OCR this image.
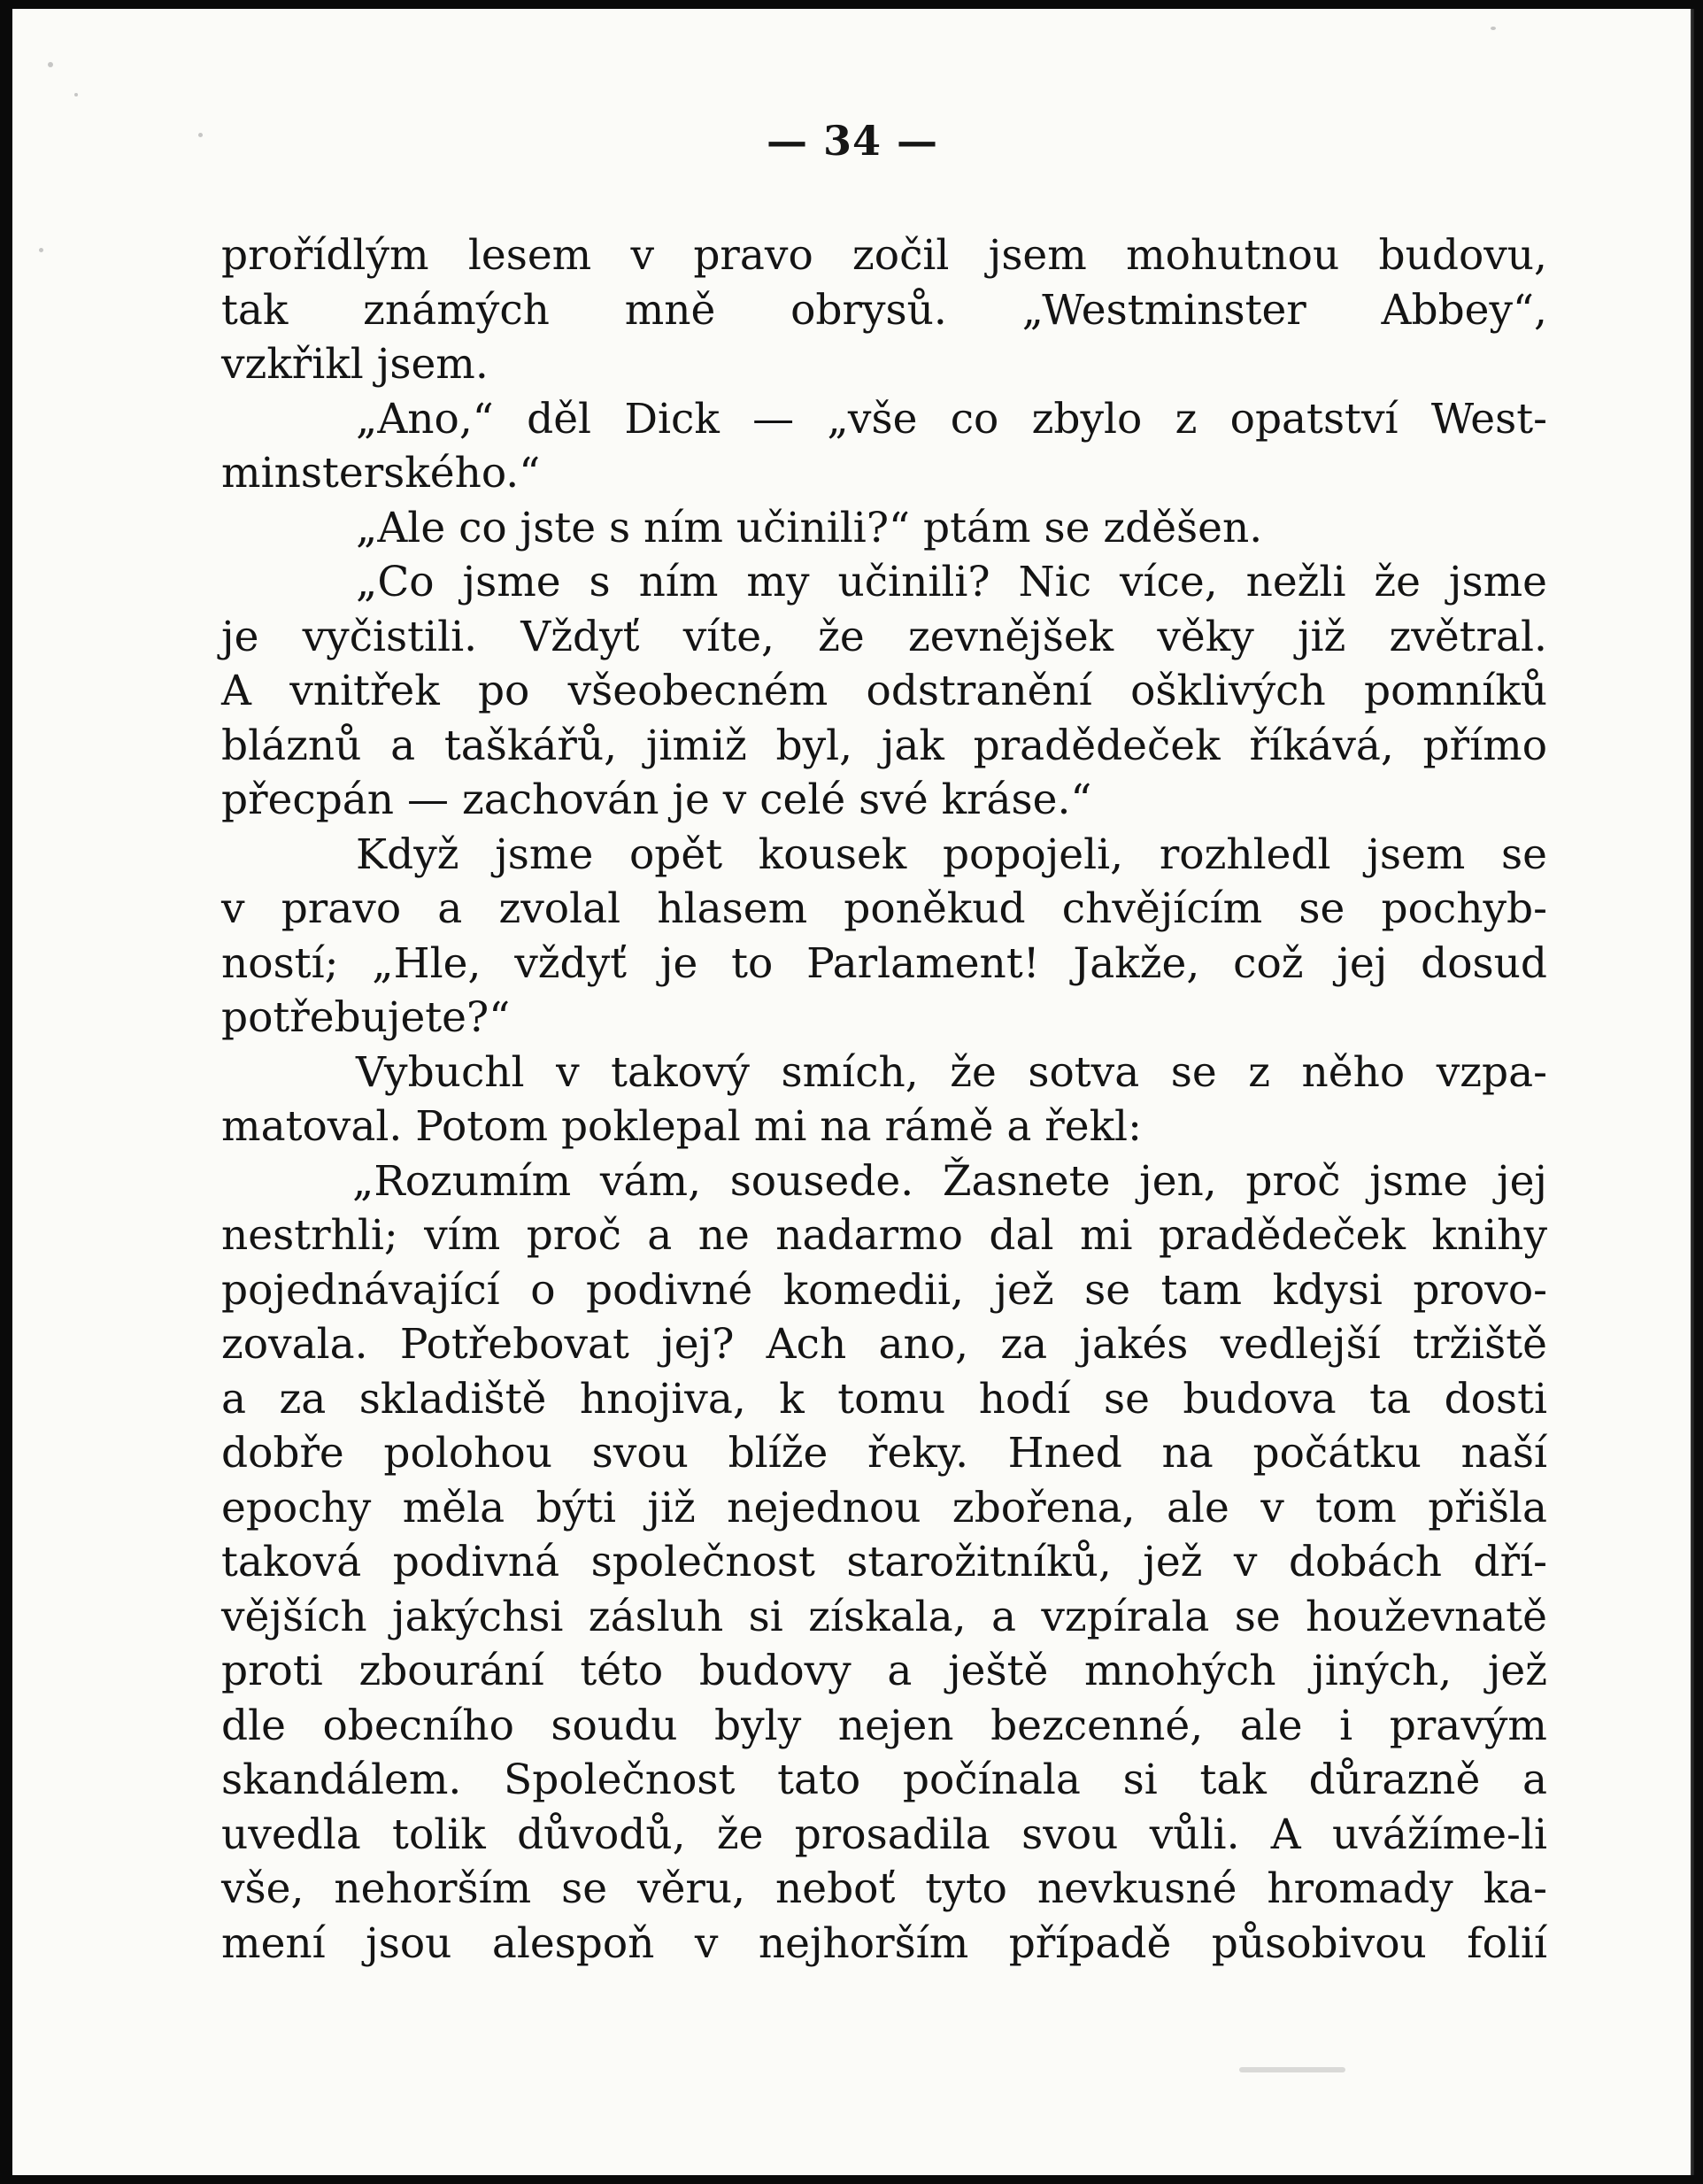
— 34 —
prořídlým lesem v pravo zočil jsem mohutnou budovu,
tak známých mně obrysů. „Westminster Abbey“,
vzkřikl jsem.
„Ano,“ děl Dick — „vše co zbylo z opatství West-
minsterského.“
„Ale co jste s ním učinili?“ ptám se zděšen.
„Co jsme s ním my učinili? Nic více, nežli že jsme
je vyčistili. Vždyť víte, že zevnějšek věky již zvětral.
A vnitřek po všeobecném odstranění ošklivých pomníků
bláznů a taškářů, jimiž byl, jak pradědeček říkává, přímo
přecpán — zachován je v celé své kráse.“
Když jsme opět kousek popojeli, rozhledl jsem se
v pravo a zvolal hlasem poněkud chvějícím se pochyb-
ností; „Hle, vždyť je to Parlament! Jakže, což jej dosud
potřebujete?“
Vybuchl v takový smích, že sotva se z něho vzpa-
matoval. Potom poklepal mi na rámě a řekl:
„Rozumím vám, sousede. Žasnete jen, proč jsme jej
nestrhli; vím proč a ne nadarmo dal mi pradědeček knihy
pojednávající o podivné komedii, jež se tam kdysi provo-
zovala. Potřebovat jej? Ach ano, za jakés vedlejší tržiště
a za skladiště hnojiva, k tomu hodí se budova ta dosti
dobře polohou svou blíže řeky. Hned na počátku naší
epochy měla býti již nejednou zbořena, ale v tom přišla
taková podivná společnost starožitníků, jež v dobách dří-
vějších jakýchsi zásluh si získala, a vzpírala se houževnatě
proti zbourání této budovy a ještě mnohých jiných, jež
dle obecního soudu byly nejen bezcenné, ale i pravým
skandálem. Společnost tato počínala si tak důrazně a
uvedla tolik důvodů, že prosadila svou vůli. A uvážíme-li
vše, nehorším se věru, neboť tyto nevkusné hromady ka-
mení jsou alespoň v nejhorším případě působivou folií
